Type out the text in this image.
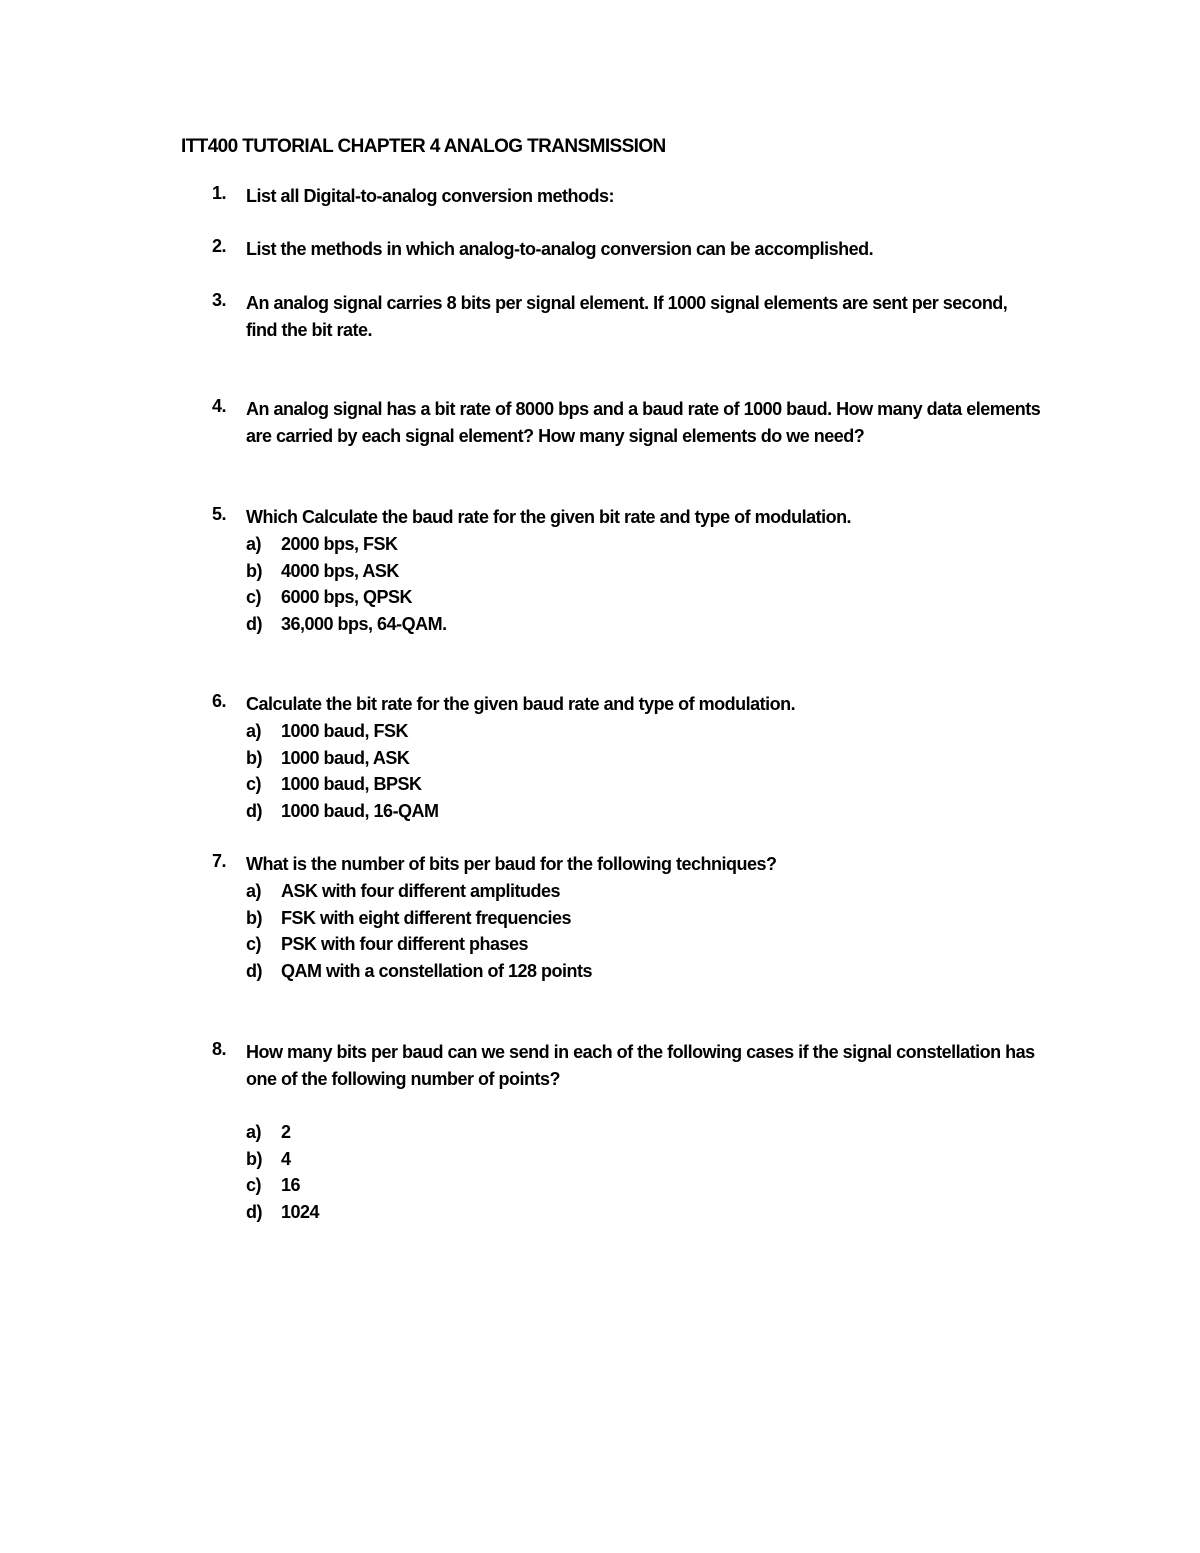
ITT400 TUTORIAL CHAPTER 4 ANALOG TRANSMISSION
1.	List all Digital-to-analog conversion methods:
2.	List the methods in which analog-to-analog conversion can be accomplished.
3.	An analog signal carries 8 bits per signal element. If 1000 signal elements are sent per second, find the bit rate.
4.	An analog signal has a bit rate of 8000 bps and a baud rate of 1000 baud. How many data elements are carried by each signal element? How many signal elements do we need?
5.	Which Calculate the baud rate for the given bit rate and type of modulation.
a) 2000 bps, FSK
b) 4000 bps, ASK
c) 6000 bps, QPSK
d) 36,000 bps, 64-QAM.
6.	Calculate the bit rate for the given baud rate and type of modulation.
a) 1000 baud, FSK
b) 1000 baud, ASK
c) 1000 baud, BPSK
d) 1000 baud, 16-QAM
7.	What is the number of bits per baud for the following techniques?
a) ASK with four different amplitudes
b) FSK with eight different frequencies
c) PSK with four different phases
d) QAM with a constellation of 128 points
8.	How many bits per baud can we send in each of the following cases if the signal constellation has one of the following number of points?
a) 2
b) 4
c) 16
d) 1024
